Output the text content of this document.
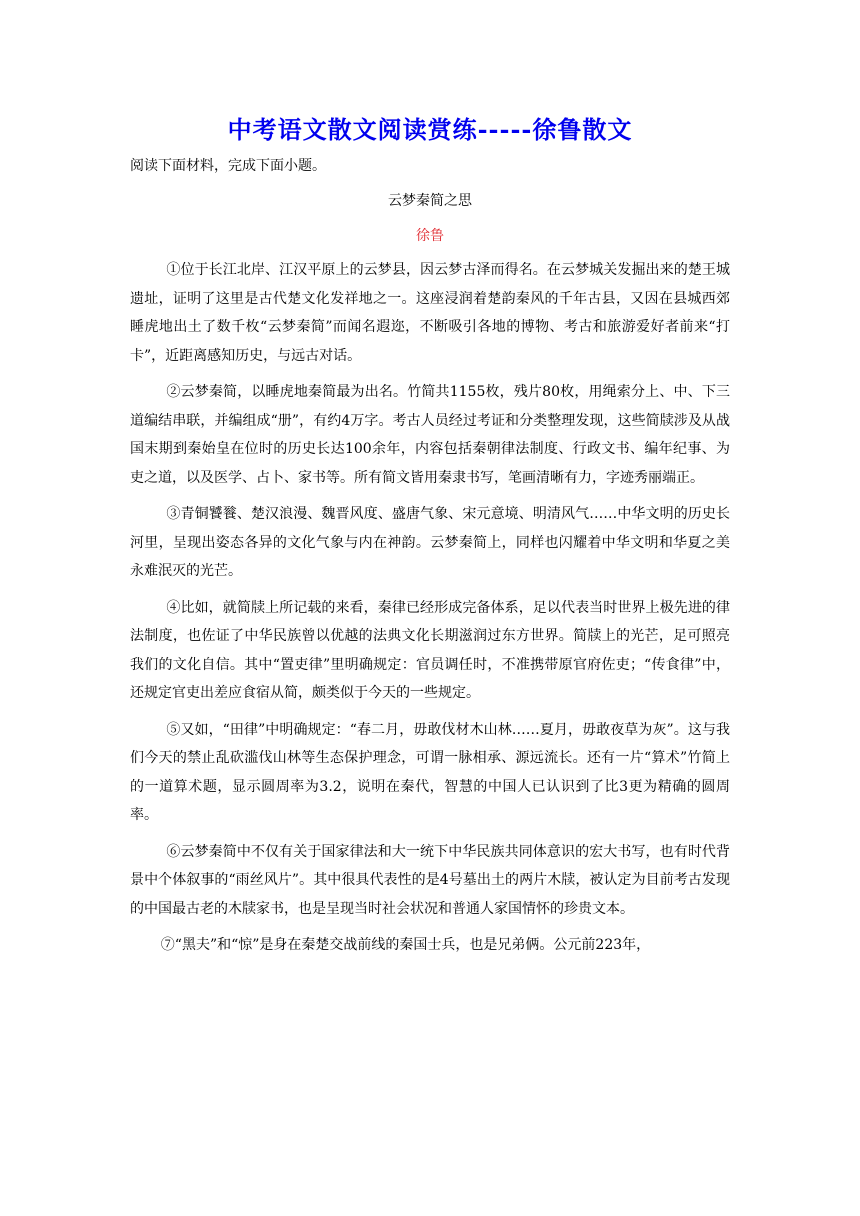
中考语文散文阅读赏练-----徐鲁散文

阅读下面材料，完成下面小题。

云梦秦简之思

徐鲁

①位于长江北岸、江汉平原上的云梦县，因云梦古泽而得名。在云梦城关发掘出来的楚王城遗址，证明了这里是古代楚文化发祥地之一。这座浸润着楚韵秦风的千年古县，又因在县城西郊睡虎地出土了数千枚“云梦秦简”而闻名遐迩，不断吸引各地的博物、考古和旅游爱好者前来“打卡”，近距离感知历史，与远古对话。

②云梦秦简，以睡虎地秦简最为出名。竹简共1155枚，残片80枚，用绳索分上、中、下三道编结串联，并编组成“册”，有约4万字。考古人员经过考证和分类整理发现，这些简牍涉及从战国末期到秦始皇在位时的历史长达100余年，内容包括秦朝律法制度、行政文书、编年纪事、为吏之道，以及医学、占卜、家书等。所有简文皆用秦隶书写，笔画清晰有力，字迹秀丽端正。

③青铜饕餮、楚汉浪漫、魏晋风度、盛唐气象、宋元意境、明清风气……中华文明的历史长河里，呈现出姿态各异的文化气象与内在神韵。云梦秦简上，同样也闪耀着中华文明和华夏之美永难泯灭的光芒。

④比如，就简牍上所记载的来看，秦律已经形成完备体系，足以代表当时世界上极先进的律法制度，也佐证了中华民族曾以优越的法典文化长期滋润过东方世界。简牍上的光芒，足可照亮我们的文化自信。其中“置吏律”里明确规定：官员调任时，不准携带原官府佐吏；“传食律”中，还规定官吏出差应食宿从简，颇类似于今天的一些规定。

⑤又如，“田律”中明确规定：“春二月，毋敢伐材木山林……夏月，毋敢夜草为灰”。这与我们今天的禁止乱砍滥伐山林等生态保护理念，可谓一脉相承、源远流长。还有一片“算术”竹简上的一道算术题，显示圆周率为3.2，说明在秦代，智慧的中国人已认识到了比3更为精确的圆周率。

⑥云梦秦简中不仅有关于国家律法和大一统下中华民族共同体意识的宏大书写，也有时代背景中个体叙事的“雨丝风片”。其中很具代表性的是4号墓出土的两片木牍，被认定为目前考古发现的中国最古老的木牍家书，也是呈现当时社会状况和普通人家国情怀的珍贵文本。

⑦“黑夫”和“惊”是身在秦楚交战前线的秦国士兵，也是兄弟俩。公元前223年，
